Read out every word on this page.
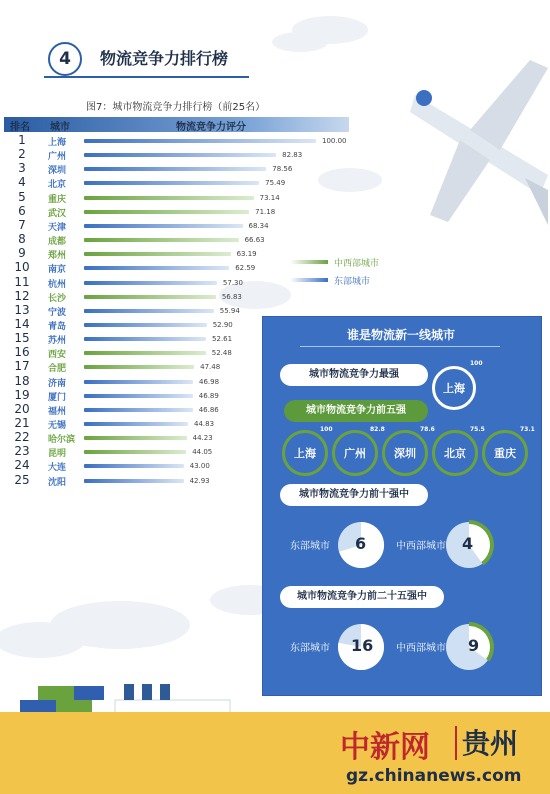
4	物流竞争力排行榜
图7：城市物流竞争力排行榜（前25名）
排名 城市	物流竞争力评分
1	上海	100.00
2	广州	82.83
3	深圳	78.56
4	北京	75.49
5	重庆	73.14
6	武汉	71.18
7	天津	68.34
8	成都	66.63
9	郑州	63.19
10	南京	62.59
11	杭州	57.30
12	长沙	56.83
13	宁波	55.94
14	青岛	52.90
15	苏州	52.61
16	西安	52.48
17	合肥	47.48
18	济南	46.98
19	厦门	46.89
20	福州	46.86
21	无锡	44.83
22	哈尔滨	44.23
23	昆明	44.05
24	大连	43.00
25	沈阳	42.93
中西部城市
东部城市
谁是物流新一线城市
城市物流竞争力最强
上海
100
城市物流竞争力前五强
上海
100
广州
82.8
深圳
78.6
北京
75.5
重庆
73.1
城市物流竞争力前十强中
东部城市 6	中西部城市 4
城市物流竞争力前二十五强中
东部城市 16 中西部城市 9
中新网 贵州
gz.chinanews.com
